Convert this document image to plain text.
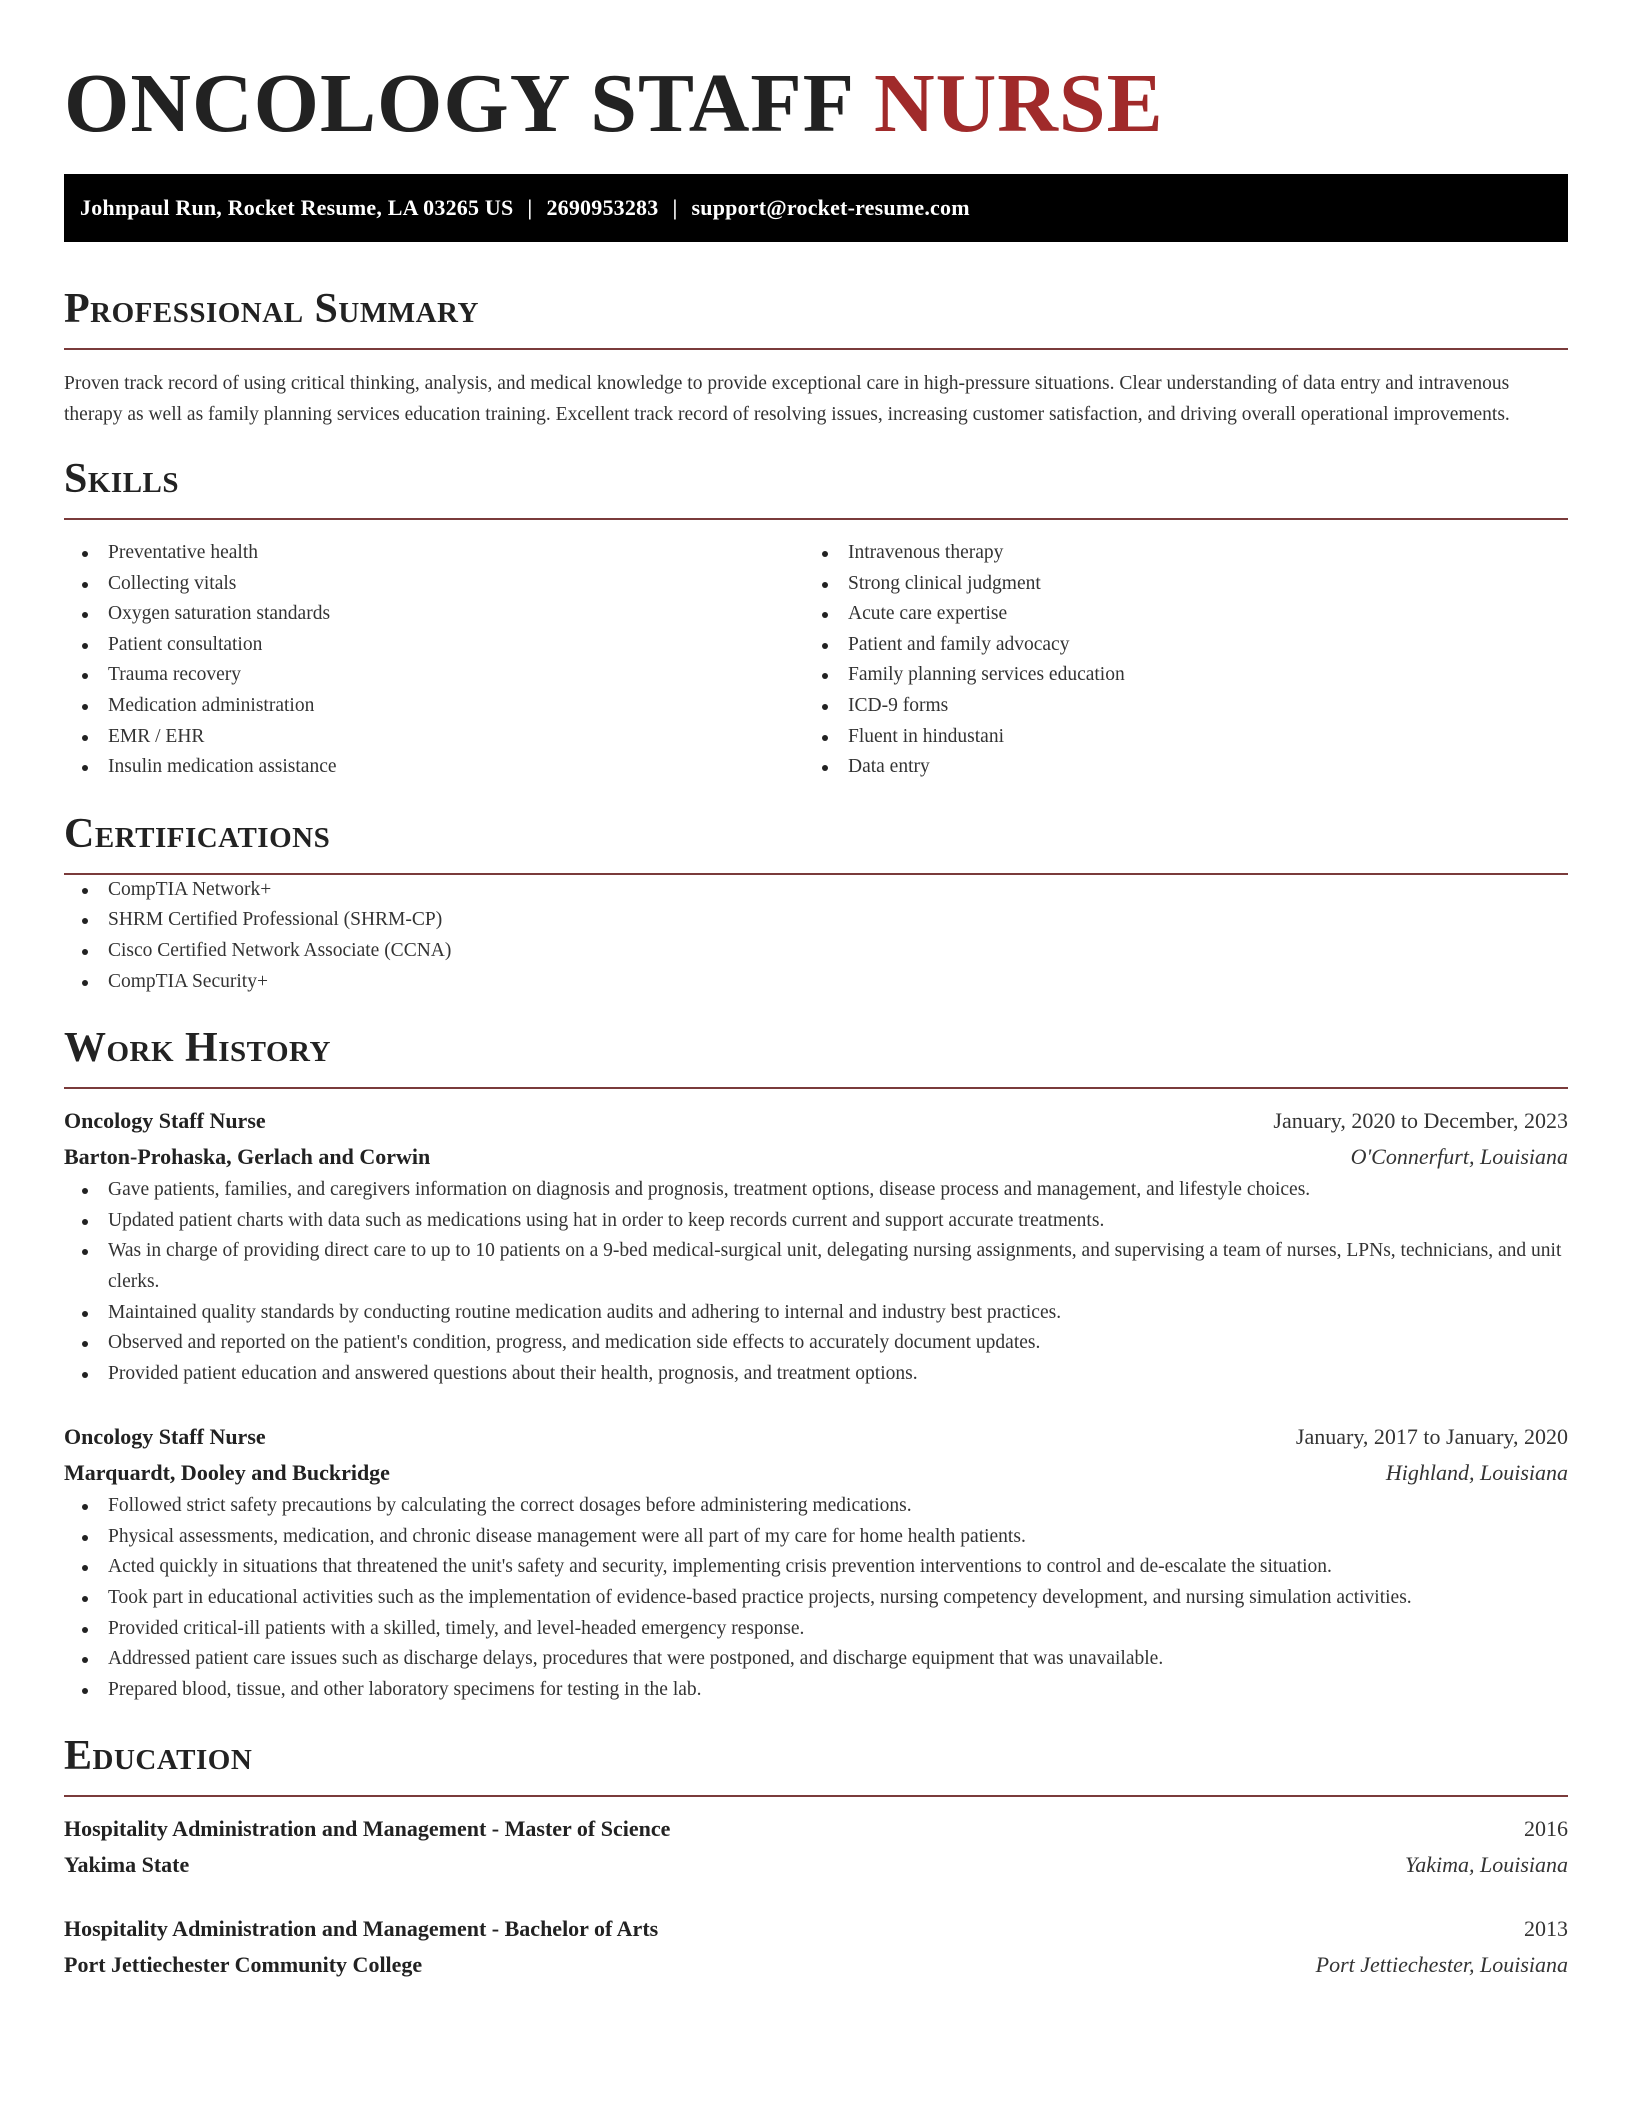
ONCOLOGY STAFF NURSE
Johnpaul Run, Rocket Resume, LA 03265 US | 2690953283 | support@rocket-resume.com
Professional Summary

Proven track record of using critical thinking, analysis, and medical knowledge to provide exceptional care in high-pressure situations. Clear understanding of data entry and intravenous therapy as well as family planning services education training. Excellent track record of resolving issues, increasing customer satisfaction, and driving overall operational improvements.

Skills
Preventative health
Collecting vitals
Oxygen saturation standards
Patient consultation
Trauma recovery
Medication administration
EMR / EHR
Insulin medication assistance
Intravenous therapy
Strong clinical judgment
Acute care expertise
Patient and family advocacy
Family planning services education
ICD-9 forms
Fluent in hindustani
Data entry
Certifications
CompTIA Network+
SHRM Certified Professional (SHRM-CP)
Cisco Certified Network Associate (CCNA)
CompTIA Security+
Work History
Oncology Staff Nurse	January, 2020 to December, 2023
Barton-Prohaska, Gerlach and Corwin	O'Connerfurt, Louisiana
Gave patients, families, and caregivers information on diagnosis and prognosis, treatment options, disease process and management, and lifestyle choices.
Updated patient charts with data such as medications using hat in order to keep records current and support accurate treatments.
Was in charge of providing direct care to up to 10 patients on a 9-bed medical-surgical unit, delegating nursing assignments, and supervising a team of nurses, LPNs, technicians, and unit clerks.
Maintained quality standards by conducting routine medication audits and adhering to internal and industry best practices.
Observed and reported on the patient's condition, progress, and medication side effects to accurately document updates.
Provided patient education and answered questions about their health, prognosis, and treatment options.
Oncology Staff Nurse	January, 2017 to January, 2020
Marquardt, Dooley and Buckridge	Highland, Louisiana
Followed strict safety precautions by calculating the correct dosages before administering medications.
Physical assessments, medication, and chronic disease management were all part of my care for home health patients.
Acted quickly in situations that threatened the unit's safety and security, implementing crisis prevention interventions to control and de-escalate the situation.
Took part in educational activities such as the implementation of evidence-based practice projects, nursing competency development, and nursing simulation activities.
Provided critical-ill patients with a skilled, timely, and level-headed emergency response.
Addressed patient care issues such as discharge delays, procedures that were postponed, and discharge equipment that was unavailable.
Prepared blood, tissue, and other laboratory specimens for testing in the lab.
Education
Hospitality Administration and Management - Master of Science	2016
Yakima State	Yakima, Louisiana
Hospitality Administration and Management - Bachelor of Arts	2013
Port Jettiechester Community College	Port Jettiechester, Louisiana
